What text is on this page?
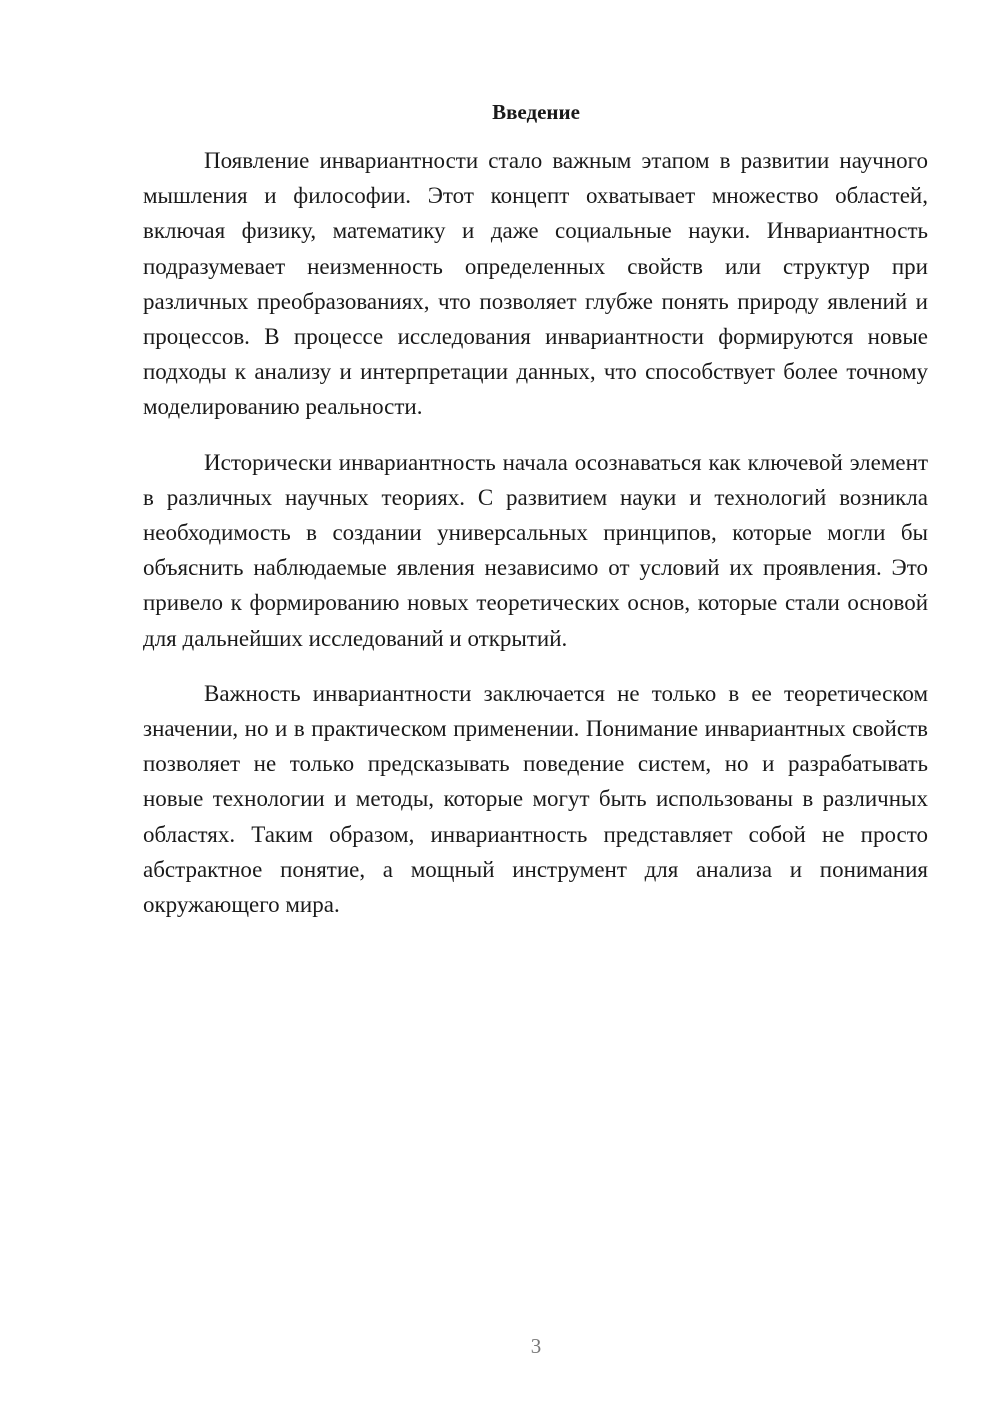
Введение

Появление инвариантности стало важным этапом в развитии научного мышления и философии. Этот концепт охватывает множество областей, включая физику, математику и даже социальные науки. Инвариантность подразумевает неизменность определенных свойств или структур при различных преобразованиях, что позволяет глубже понять природу явлений и процессов. В процессе исследования инвариантности формируются новые подходы к анализу и интерпретации данных, что способствует более точному моделированию реальности.

Исторически инвариантность начала осознаваться как ключевой элемент в различных научных теориях. С развитием науки и технологий возникла необходимость в создании универсальных принципов, которые могли бы объяснить наблюдаемые явления независимо от условий их проявления. Это привело к формированию новых теоретических основ, которые стали основой для дальнейших исследований и открытий.

Важность инвариантности заключается не только в ее теоретическом значении, но и в практическом применении. Понимание инвариантных свойств позволяет не только предсказывать поведение систем, но и разрабатывать новые технологии и методы, которые могут быть использованы в различных областях. Таким образом, инвариантность представляет собой не просто абстрактное понятие, а мощный инструмент для анализа и понимания окружающего мира.

3
